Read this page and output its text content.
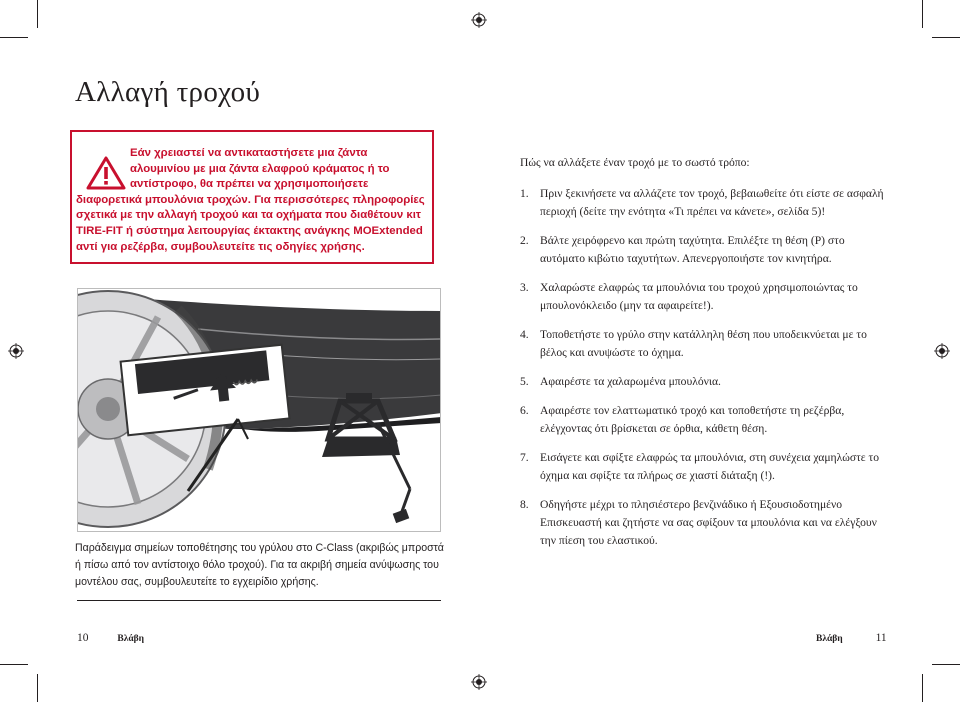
Αλλαγή τροχού

Εάν χρειαστεί να αντικαταστήσετε μια ζάντα αλουμινίου με μια ζάντα ελαφρού κράματος ή το αντίστροφο, θα πρέπει να χρησιμοποιήσετε διαφορετικά μπουλόνια τροχών. Για περισσότερες πληροφορίες σχετικά με την αλλαγή τροχού και τα οχήματα που διαθέτουν κιτ TIRE-FIT ή σύστημα λειτουργίας έκτακτης ανάγκης MOExtended αντί για ρεζέρβα, συμβουλευτείτε τις οδηγίες χρήσης.

Παράδειγμα σημείων τοποθέτησης του γρύλου στο C-Class (ακριβώς μπροστά ή πίσω από τον αντίστοιχο θόλο τροχού). Για τα ακριβή σημεία ανύψωσης του μοντέλου σας, συμβουλευτείτε το εγχειρίδιο χρήσης.

Πώς να αλλάξετε έναν τροχό με το σωστό τρόπο:

1. Πριν ξεκινήσετε να αλλάζετε τον τροχό, βεβαιωθείτε ότι είστε σε ασφαλή περιοχή (δείτε την ενότητα «Τι πρέπει να κάνετε», σελίδα 5)!
2. Βάλτε χειρόφρενο και πρώτη ταχύτητα. Επιλέξτε τη θέση (P) στο αυτόματο κιβώτιο ταχυτήτων. Απενεργοποιήστε τον κινητήρα.
3. Χαλαρώστε ελαφρώς τα μπουλόνια του τροχού χρησιμοποιώντας το μπουλονόκλειδο (μην τα αφαιρείτε!).
4. Τοποθετήστε το γρύλο στην κατάλληλη θέση που υποδεικνύεται με το βέλος και ανυψώστε το όχημα.
5. Αφαιρέστε τα χαλαρωμένα μπουλόνια.
6. Αφαιρέστε τον ελαττωματικό τροχό και τοποθετήστε τη ρεζέρβα, ελέγχοντας ότι βρίσκεται σε όρθια, κάθετη θέση.
7. Εισάγετε και σφίξτε ελαφρώς τα μπουλόνια, στη συνέχεια χαμηλώστε το όχημα και σφίξτε τα πλήρως σε χιαστί διάταξη (!).
8. Οδηγήστε μέχρι το πλησιέστερο βενζινάδικο ή Εξουσιοδοτημένο Επισκευαστή και ζητήστε να σας σφίξουν τα μπουλόνια και να ελέγξουν την πίεση του ελαστικού.
10	Βλάβη	Βλάβη	11
